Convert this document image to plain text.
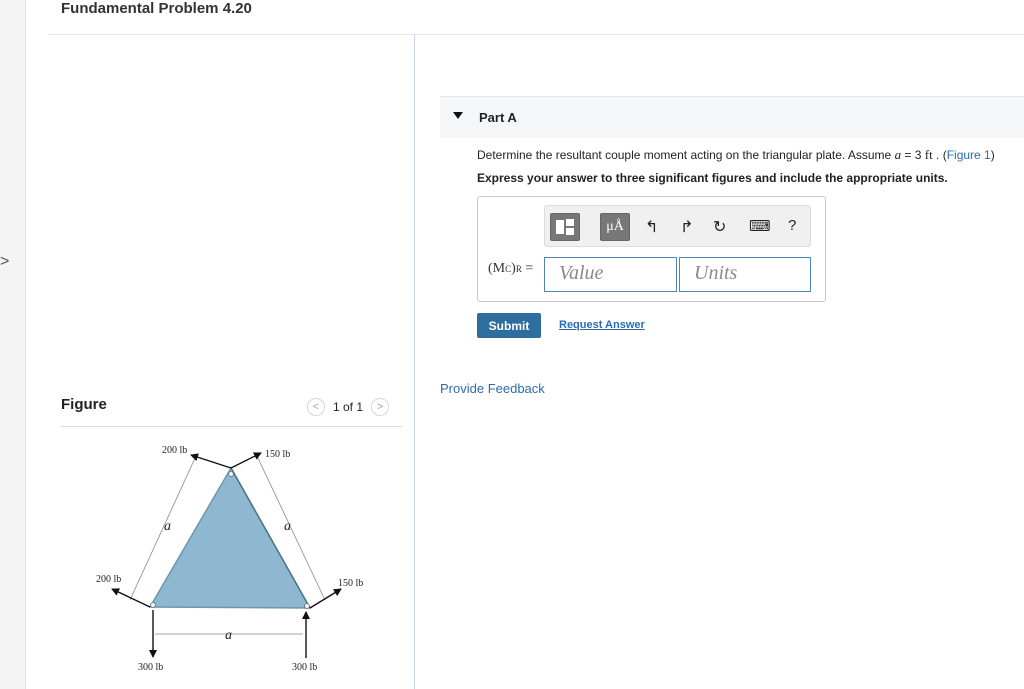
>
Fundamental Problem 4.20
Figure	<	1 of 1	>
200 lb	150 lb
200 lb	150 lb
300 lb	300 lb
a	a
a
Part A
Determine the resultant couple moment acting on the triangular plate. Assume a = 3 ft . (Figure 1)
Express your answer to three significant figures and include the appropriate units.
μÅ	↰ ↱ ↻ ⌨ ?
(MC)R =	Value	Units
Submit	Request Answer
Provide Feedback
